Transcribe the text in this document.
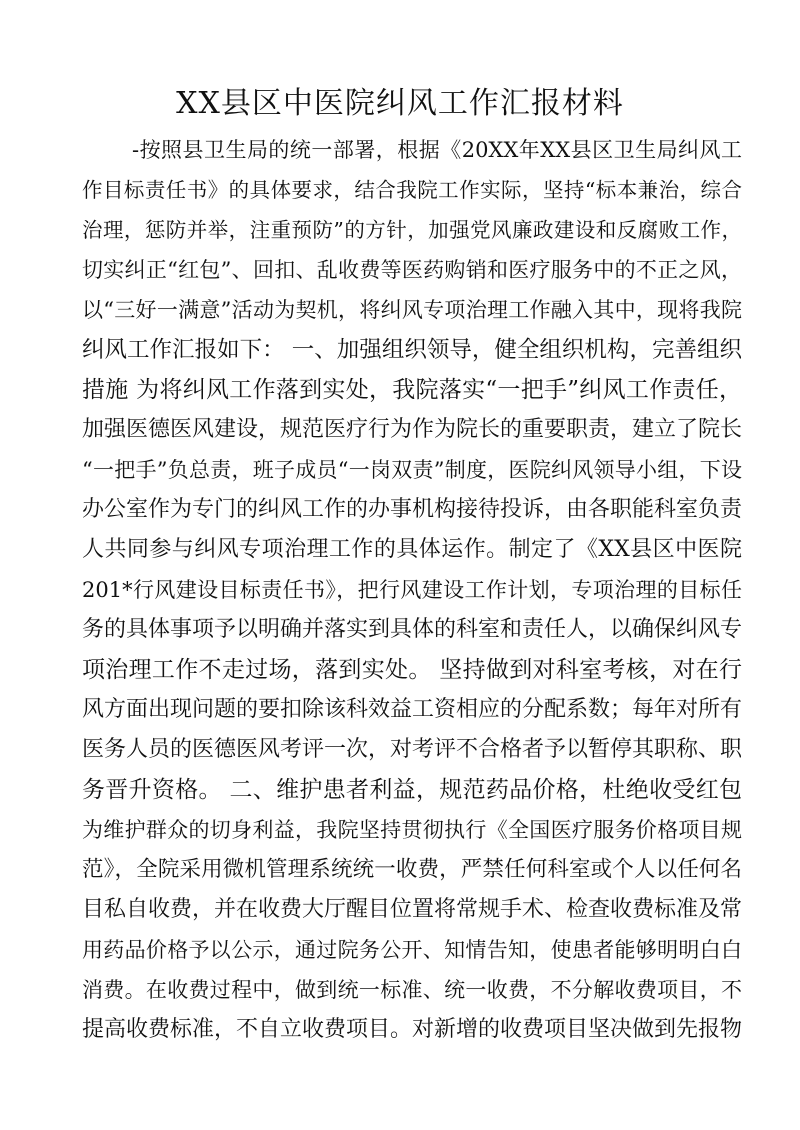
XX县区中医院纠风工作汇报材料
-按照县卫生局的统一部署，根据《20XX年XX县区卫生局纠风工
作目标责任书》的具体要求，结合我院工作实际，坚持“标本兼治，综合
治理，惩防并举，注重预防”的方针，加强党风廉政建设和反腐败工作，
切实纠正“红包”、回扣、乱收费等医药购销和医疗服务中的不正之风，
以“三好一满意”活动为契机，将纠风专项治理工作融入其中，现将我院
纠风工作汇报如下： 一、加强组织领导，健全组织机构，完善组织
措施 为将纠风工作落到实处，我院落实“一把手”纠风工作责任，
加强医德医风建设，规范医疗行为作为院长的重要职责，建立了院长
“一把手”负总责，班子成员“一岗双责”制度，医院纠风领导小组，下设
办公室作为专门的纠风工作的办事机构接待投诉，由各职能科室负责
人共同参与纠风专项治理工作的具体运作。制定了《XX县区中医院
201*行风建设目标责任书》，把行风建设工作计划，专项治理的目标任
务的具体事项予以明确并落实到具体的科室和责任人，以确保纠风专
项治理工作不走过场，落到实处。 坚持做到对科室考核，对在行
风方面出现问题的要扣除该科效益工资相应的分配系数；每年对所有
医务人员的医德医风考评一次，对考评不合格者予以暂停其职称、职
务晋升资格。 二、维护患者利益，规范药品价格，杜绝收受红包
为维护群众的切身利益，我院坚持贯彻执行《全国医疗服务价格项目规
范》，全院采用微机管理系统统一收费，严禁任何科室或个人以任何名
目私自收费，并在收费大厅醒目位置将常规手术、检查收费标准及常
用药品价格予以公示，通过院务公开、知情告知，使患者能够明明白白
消费。在收费过程中，做到统一标准、统一收费，不分解收费项目，不
提高收费标准，不自立收费项目。对新增的收费项目坚决做到先报物
